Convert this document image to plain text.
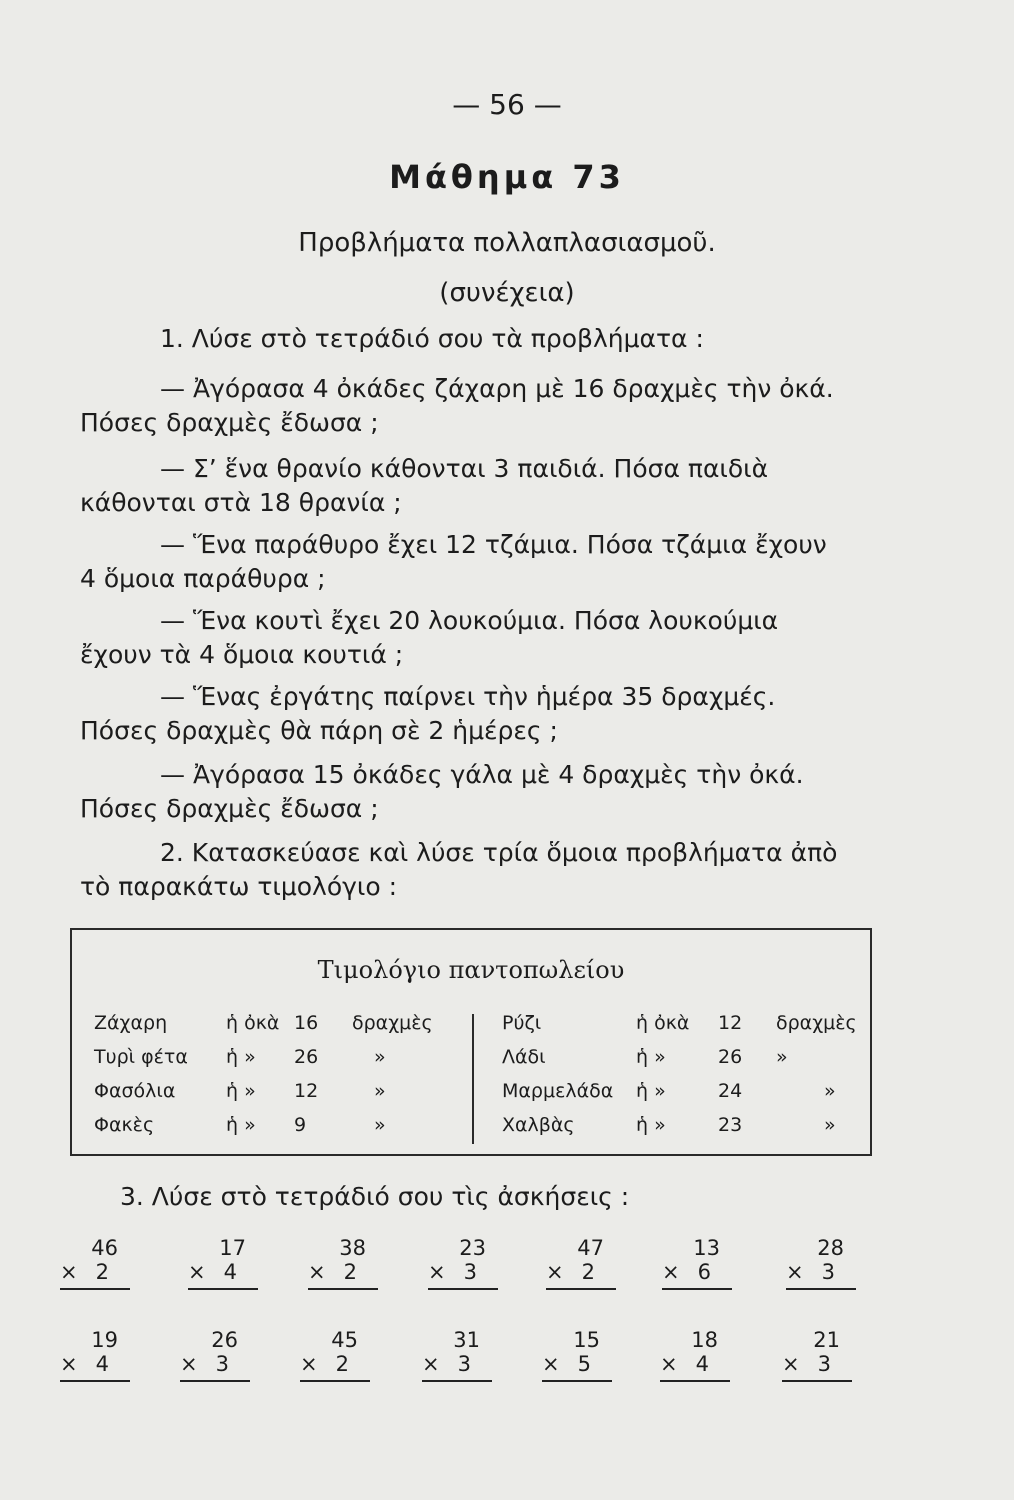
— 56 —
Μάθημα 73
Προβλήματα πολλαπλασιασμοῦ.
(συνέχεια)
1. Λύσε στὸ τετράδιό σου τὰ προβλήματα :
— Ἀγόρασα 4 ὀκάδες ζάχαρη μὲ 16 δραχμὲς τὴν ὀκά.
Πόσες δραχμὲς ἔδωσα ;
— Σ’ ἕνα θρανίο κάθονται 3 παιδιά. Πόσα παιδιὰ
κάθονται στὰ 18 θρανία ;
— Ἕνα παράθυρο ἔχει 12 τζάμια. Πόσα τζάμια ἔχουν
4 ὅμοια παράθυρα ;
— Ἕνα κουτὶ ἔχει 20 λουκούμια. Πόσα λουκούμια
ἔχουν τὰ 4 ὅμοια κουτιά ;
— Ἕνας ἐργάτης παίρνει τὴν ἡμέρα 35 δραχμές.
Πόσες δραχμὲς θὰ πάρη σὲ 2 ἡμέρες ;
— Ἀγόρασα 15 ὀκάδες γάλα μὲ 4 δραχμὲς τὴν ὀκά.
Πόσες δραχμὲς ἔδωσα ;
2. Κατασκεύασε καὶ λύσε τρία ὅμοια προβλήματα ἀπὸ
τὸ παρακάτω τιμολόγιο :
Τιμολόγιο παντοπωλείου
Ζάχαρη	ἡ ὀκὰ 16	δραχμὲς
Τυρὶ φέτα	ἡ »	26	»
Φασόλια	ἡ »	12	»
Φακὲς	ἡ »	9	»
Ρύζι	ἡ ὀκὰ	12	δραχμὲς
Λάδι	ἡ »	26	»
Μαρμελάδα	ἡ »	24	»
Χαλβὰς	ἡ »	23	»
3. Λύσε στὸ τετράδιό σου τὶς ἀσκήσεις :
46
× 2
17
× 4
38
× 2
23
× 3
47
× 2
13
× 6
28
× 3
19
× 4
26
× 3
45
× 2
31
× 3
15
× 5
18
× 4
21
× 3
